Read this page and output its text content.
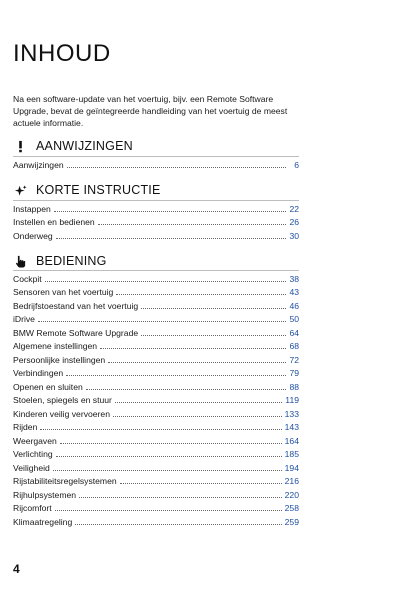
INHOUD
Na een software-update van het voertuig, bijv. een Remote Software Upgrade, bevat de geïntegreerde handleiding van het voertuig de meest actuele informatie.
AANWIJZINGEN
Aanwijzingen	6
KORTE INSTRUCTIE
Instappen	22
Instellen en bedienen	26
Onderweg	30
BEDIENING
Cockpit	38
Sensoren van het voertuig	43
Bedrijfstoestand van het voertuig	46
iDrive	50
BMW Remote Software Upgrade	64
Algemene instellingen	68
Persoonlijke instellingen	72
Verbindingen	79
Openen en sluiten	88
Stoelen, spiegels en stuur	119
Kinderen veilig vervoeren	133
Rijden	143
Weergaven	164
Verlichting	185
Veiligheid	194
Rijstabiliteitsregelsystemen	216
Rijhulpsystemen	220
Rijcomfort	258
Klimaatregeling	259
4
